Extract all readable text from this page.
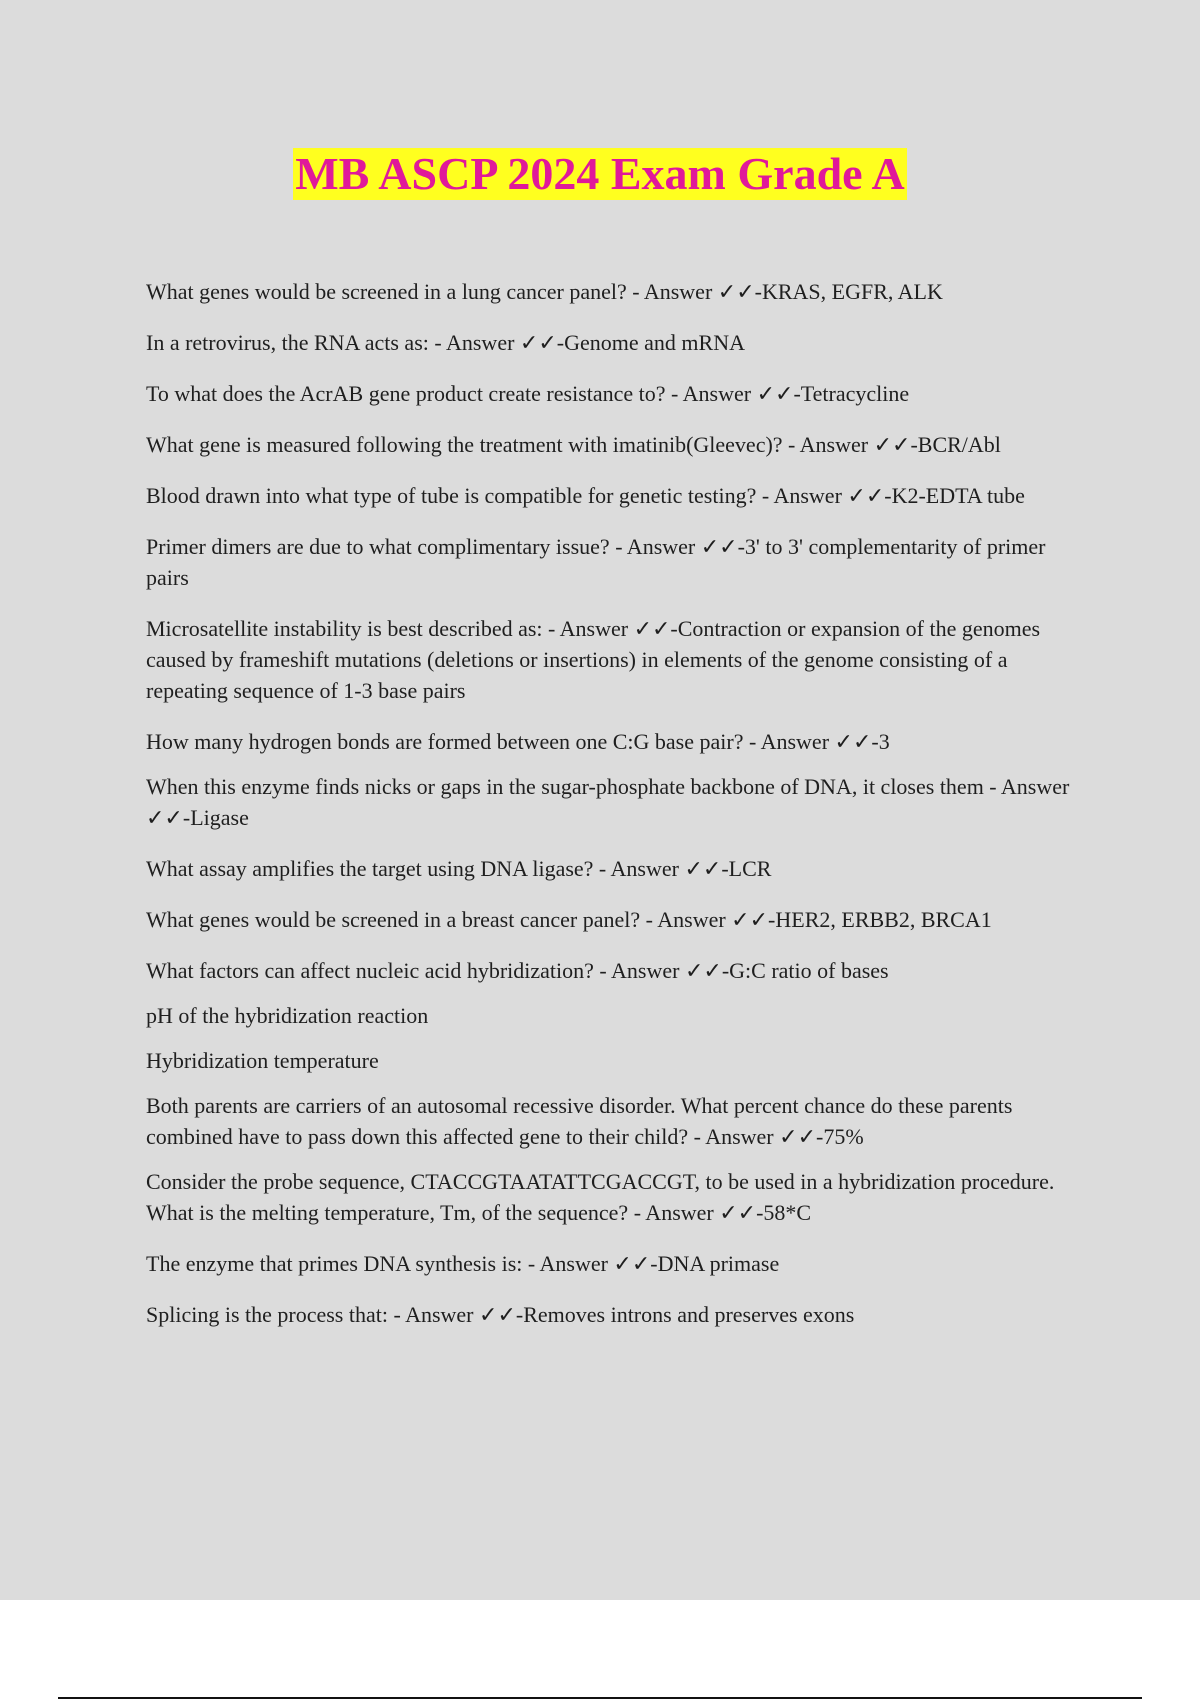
MB ASCP 2024 Exam Grade A

What genes would be screened in a lung cancer panel? - Answer ✓✓-KRAS, EGFR, ALK

In a retrovirus, the RNA acts as: - Answer ✓✓-Genome and mRNA

To what does the AcrAB gene product create resistance to? - Answer ✓✓-Tetracycline

What gene is measured following the treatment with imatinib(Gleevec)? - Answer ✓✓-BCR/Abl

Blood drawn into what type of tube is compatible for genetic testing? - Answer ✓✓-K2-EDTA tube

Primer dimers are due to what complimentary issue? - Answer ✓✓-3' to 3' complementarity of primer pairs

Microsatellite instability is best described as: - Answer ✓✓-Contraction or expansion of the genomes caused by frameshift mutations (deletions or insertions) in elements of the genome consisting of a repeating sequence of 1-3 base pairs

How many hydrogen bonds are formed between one C:G base pair? - Answer ✓✓-3

When this enzyme finds nicks or gaps in the sugar-phosphate backbone of DNA, it closes them - Answer ✓✓-Ligase

What assay amplifies the target using DNA ligase? - Answer ✓✓-LCR

What genes would be screened in a breast cancer panel? - Answer ✓✓-HER2, ERBB2, BRCA1

What factors can affect nucleic acid hybridization? - Answer ✓✓-G:C ratio of bases

pH of the hybridization reaction

Hybridization temperature

Both parents are carriers of an autosomal recessive disorder. What percent chance do these parents combined have to pass down this affected gene to their child? - Answer ✓✓-75%

Consider the probe sequence, CTACCGTAATATTCGACCGT, to be used in a hybridization procedure. What is the melting temperature, Tm, of the sequence? - Answer ✓✓-58*C

The enzyme that primes DNA synthesis is: - Answer ✓✓-DNA primase

Splicing is the process that: - Answer ✓✓-Removes introns and preserves exons
